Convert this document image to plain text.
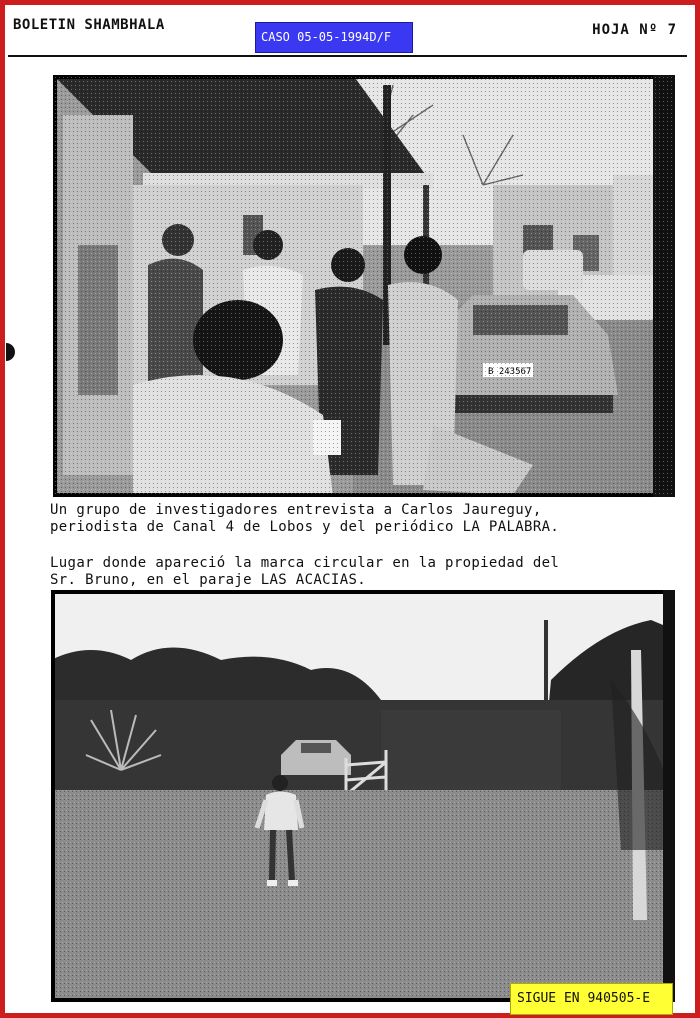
BOLETIN SHAMBHALA
CASO 05-05-1994D/F	HOJA Nº 7
Un grupo de investigadores entrevista a Carlos Jaureguy,
periodista de Canal 4 de Lobos y del periódico LA PALABRA.
Lugar donde apareció la marca circular en la propiedad del
Sr. Bruno, en el paraje LAS ACACIAS.
SIGUE EN 940505-E
